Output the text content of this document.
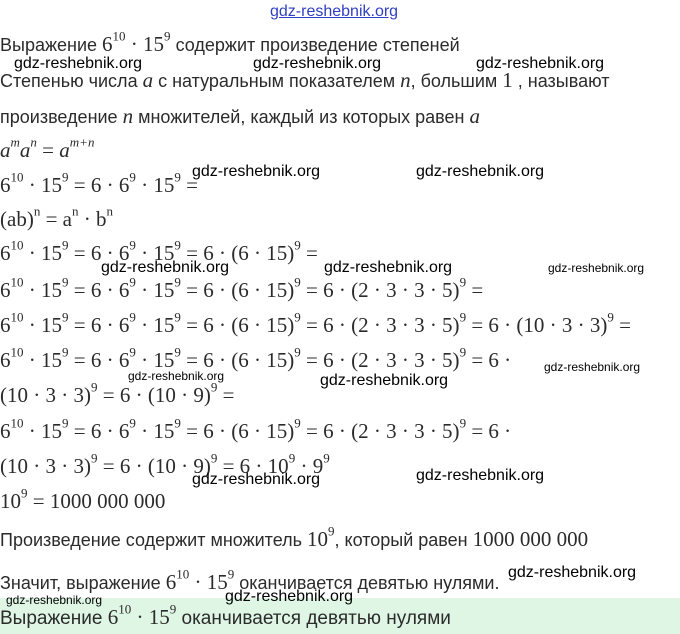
gdz-reshebnik.org
Выражение $6^{10} \cdot 15^9$ содержит произведение степеней
Степенью числа a с натуральным показателем n, большим 1 , называют
произведение n множителей, каждый из которых равен a
$a^ma^n = a^{m+n}$
$6^{10} \cdot 15^9 = 6 \cdot 6^9 \cdot 15^9$ =
$(ab)^n = a^n \cdot b^n$
$6^{10} \cdot 15^9 = 6 \cdot 6^9 \cdot 15^9 = 6 \cdot (6 \cdot 15)^9$ =
$6^{10} \cdot 15^9 = 6 \cdot 6^9 \cdot 15^9 = 6 \cdot (6 \cdot 15)^9 = 6 \cdot (2 \cdot 3 \cdot 3 \cdot 5)^9$ =
$6^{10} \cdot 15^9 = 6 \cdot 6^9 \cdot 15^9 = 6 \cdot (6 \cdot 15)^9 = 6 \cdot (2 \cdot 3 \cdot 3 \cdot 5)^9 = 6 \cdot (10 \cdot 3 \cdot 3)^9$ =
$6^{10} \cdot 15^9 = 6 \cdot 6^9 \cdot 15^9 = 6 \cdot (6 \cdot 15)^9 = 6 \cdot (2 \cdot 3 \cdot 3 \cdot 5)^9 = 6$ ·
$(10 \cdot 3 \cdot 3)^9 = 6 \cdot (10 \cdot 9)^9$ =
$6^{10} \cdot 15^9 = 6 \cdot 6^9 \cdot 15^9 = 6 \cdot (6 \cdot 15)^9 = 6 \cdot (2 \cdot 3 \cdot 3 \cdot 5)^9 = 6$ ·
$(10 \cdot 3 \cdot 3)^9 = 6 \cdot (10 \cdot 9)^9 = 6 \cdot 10^9 \cdot 9^9$
$10^9 = 1000$ 000 000
Произведение содержит множитель $10^9$, который равен 1000 000 000
Значит, выражение $6^{10} \cdot 15^9$ оканчивается девятью нулями.
Выражение $6^{10} \cdot 15^9$ оканчивается девятью нулями
gdz-reshebnik.org	gdz-reshebnik.org	gdz-reshebnik.org
gdz-reshebnik.org	gdz-reshebnik.org
gdz-reshebnik.org	gdz-reshebnik.org	gdz-reshebnik.org
gdz-reshebnik.org	gdz-reshebnik.org
gdz-reshebnik.org
gdz-reshebnik.org	gdz-reshebnik.org
gdz-reshebnik.org
gdz-reshebnik.org	gdz-reshebnik.org
